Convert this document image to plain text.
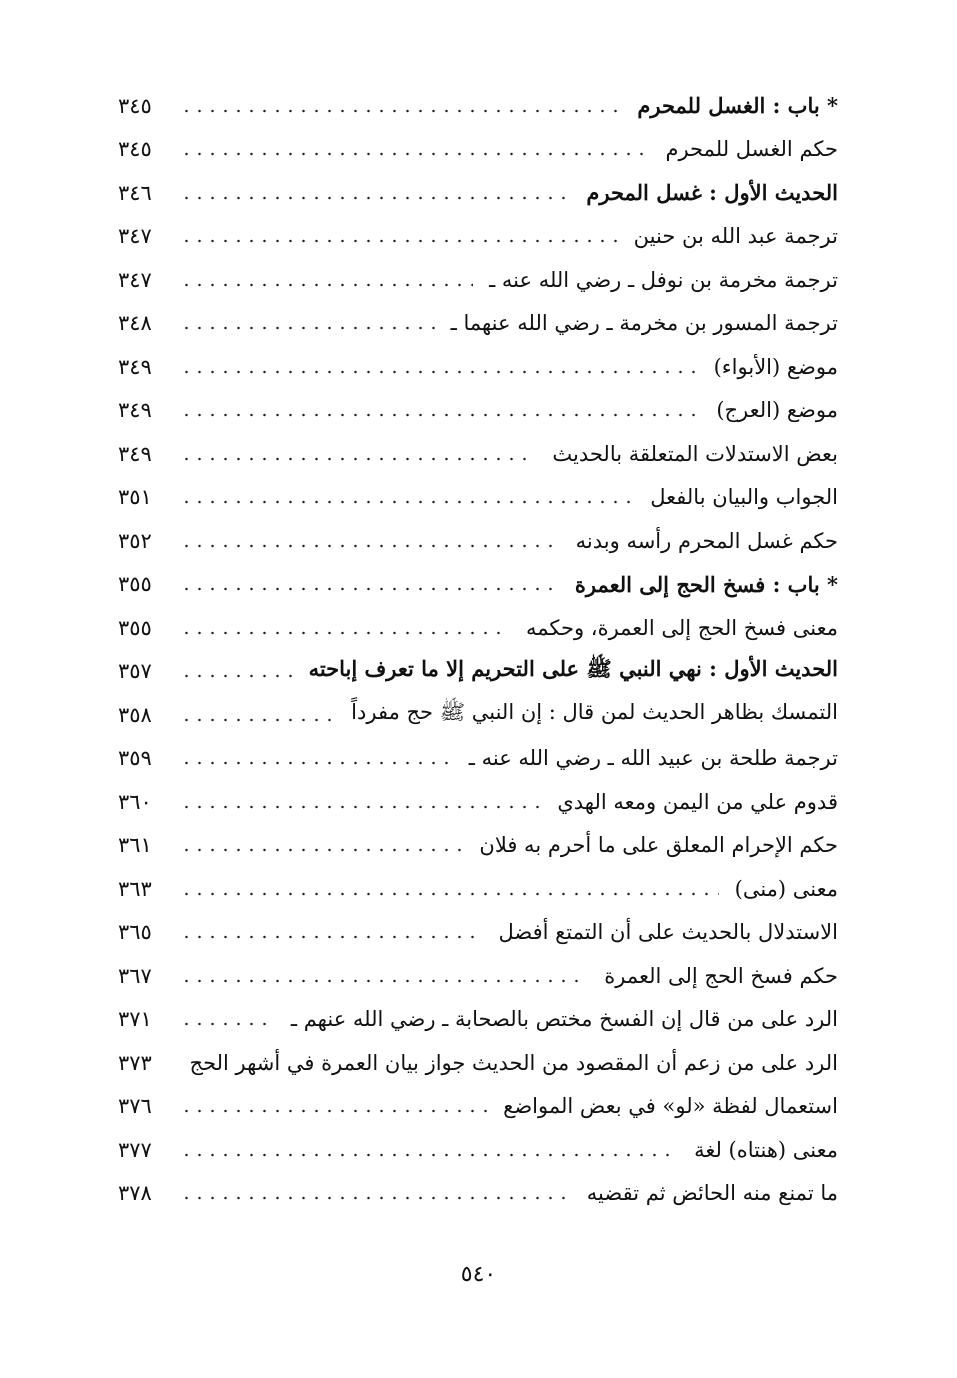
* باب : الغسل للمحرم
٣٤٥
حكم الغسل للمحرم
٣٤٥
الحديث الأول : غسل المحرم
٣٤٦
ترجمة عبد الله بن حنين
٣٤٧
ترجمة مخرمة بن نوفل ـ رضي الله عنه ـ
٣٤٧
ترجمة المسور بن مخرمة ـ رضي الله عنهما ـ
٣٤٨
موضع (الأبواء)
٣٤٩
موضع (العرج)
٣٤٩
بعض الاستدلات المتعلقة بالحديث
٣٤٩
الجواب والبيان بالفعل
٣٥١
حكم غسل المحرم رأسه وبدنه
٣٥٢
* باب : فسخ الحج إلى العمرة
٣٥٥
معنى فسخ الحج إلى العمرة، وحكمه
٣٥٥
الحديث الأول : نهي النبي ﷺ على التحريم إلا ما تعرف إباحته
٣٥٧
التمسك بظاهر الحديث لمن قال : إن النبي ﷺ حج مفرداً
٣٥٨
ترجمة طلحة بن عبيد الله ـ رضي الله عنه ـ
٣٥٩
قدوم علي من اليمن ومعه الهدي
٣٦٠
حكم الإحرام المعلق على ما أحرم به فلان
٣٦١
معنى (منى)
٣٦٣
الاستدلال بالحديث على أن التمتع أفضل
٣٦٥
حكم فسخ الحج إلى العمرة
٣٦٧
الرد على من قال إن الفسخ مختص بالصحابة ـ رضي الله عنهم ـ
٣٧١
الرد على من زعم أن المقصود من الحديث جواز بيان العمرة في أشهر الحج
٣٧٣
استعمال لفظة «لو» في بعض المواضع
٣٧٦
معنى (هنتاه) لغة
٣٧٧
ما تمنع منه الحائض ثم تقضيه
٣٧٨
٥٤٠
